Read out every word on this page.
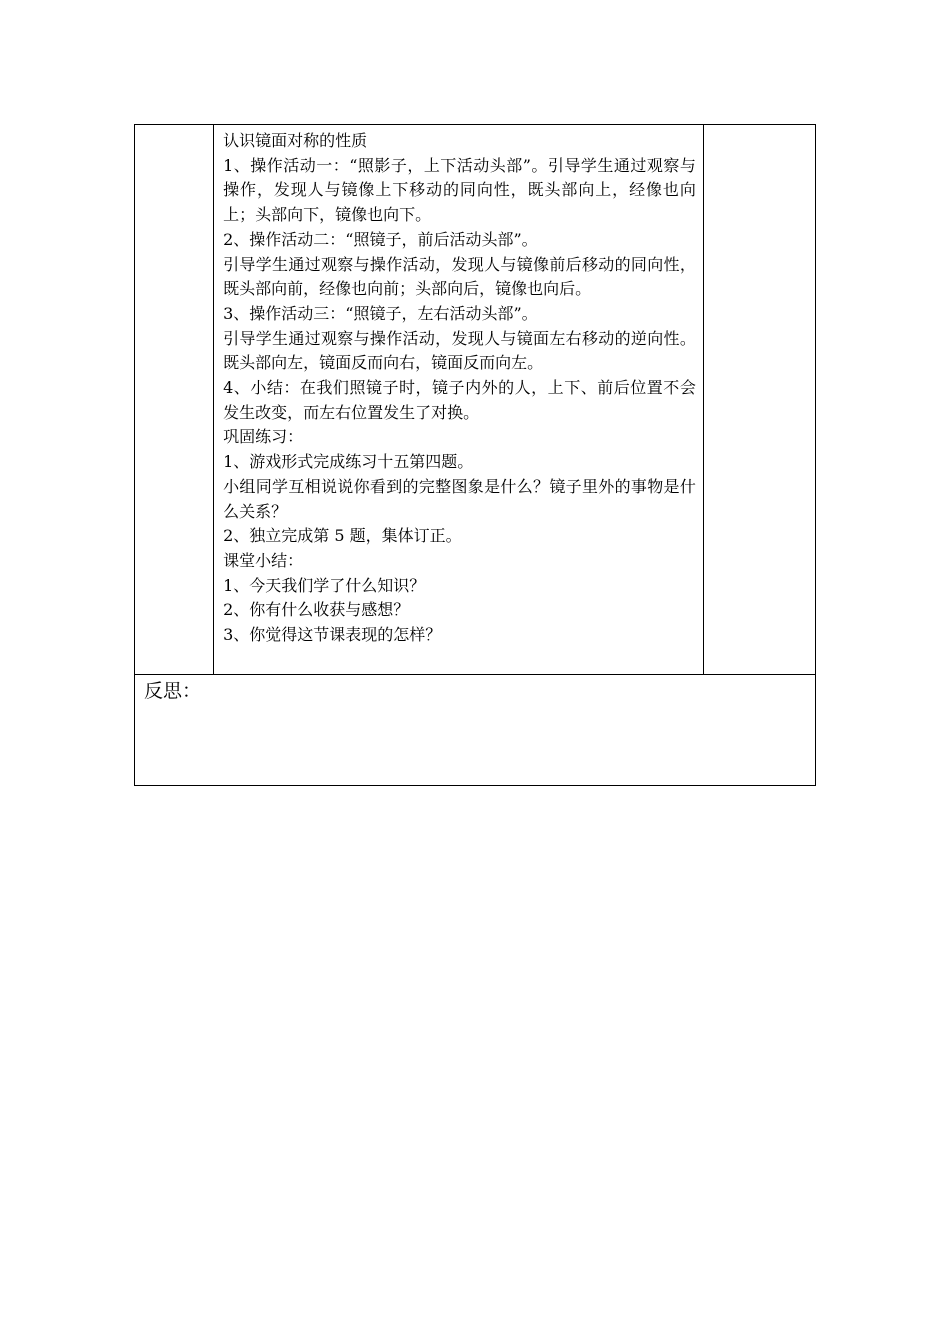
认识镜面对称的性质
1、操作活动一：“照影子，上下活动头部”。引导学生通过观察与操作，发现人与镜像上下移动的同向性，既头部向上，经像也向上；头部向下，镜像也向下。
2、操作活动二：“照镜子，前后活动头部”。
引导学生通过观察与操作活动，发现人与镜像前后移动的同向性，既头部向前，经像也向前；头部向后，镜像也向后。
3、操作活动三：“照镜子，左右活动头部”。
引导学生通过观察与操作活动，发现人与镜面左右移动的逆向性。既头部向左，镜面反而向右，镜面反而向左。
4、小结：在我们照镜子时，镜子内外的人，上下、前后位置不会发生改变，而左右位置发生了对换。
巩固练习：
1、游戏形式完成练习十五第四题。
小组同学互相说说你看到的完整图象是什么？镜子里外的事物是什么关系？
2、独立完成第 5 题，集体订正。
课堂小结：
1、今天我们学了什么知识？
2、你有什么收获与感想？
3、你觉得这节课表现的怎样？

反思：
